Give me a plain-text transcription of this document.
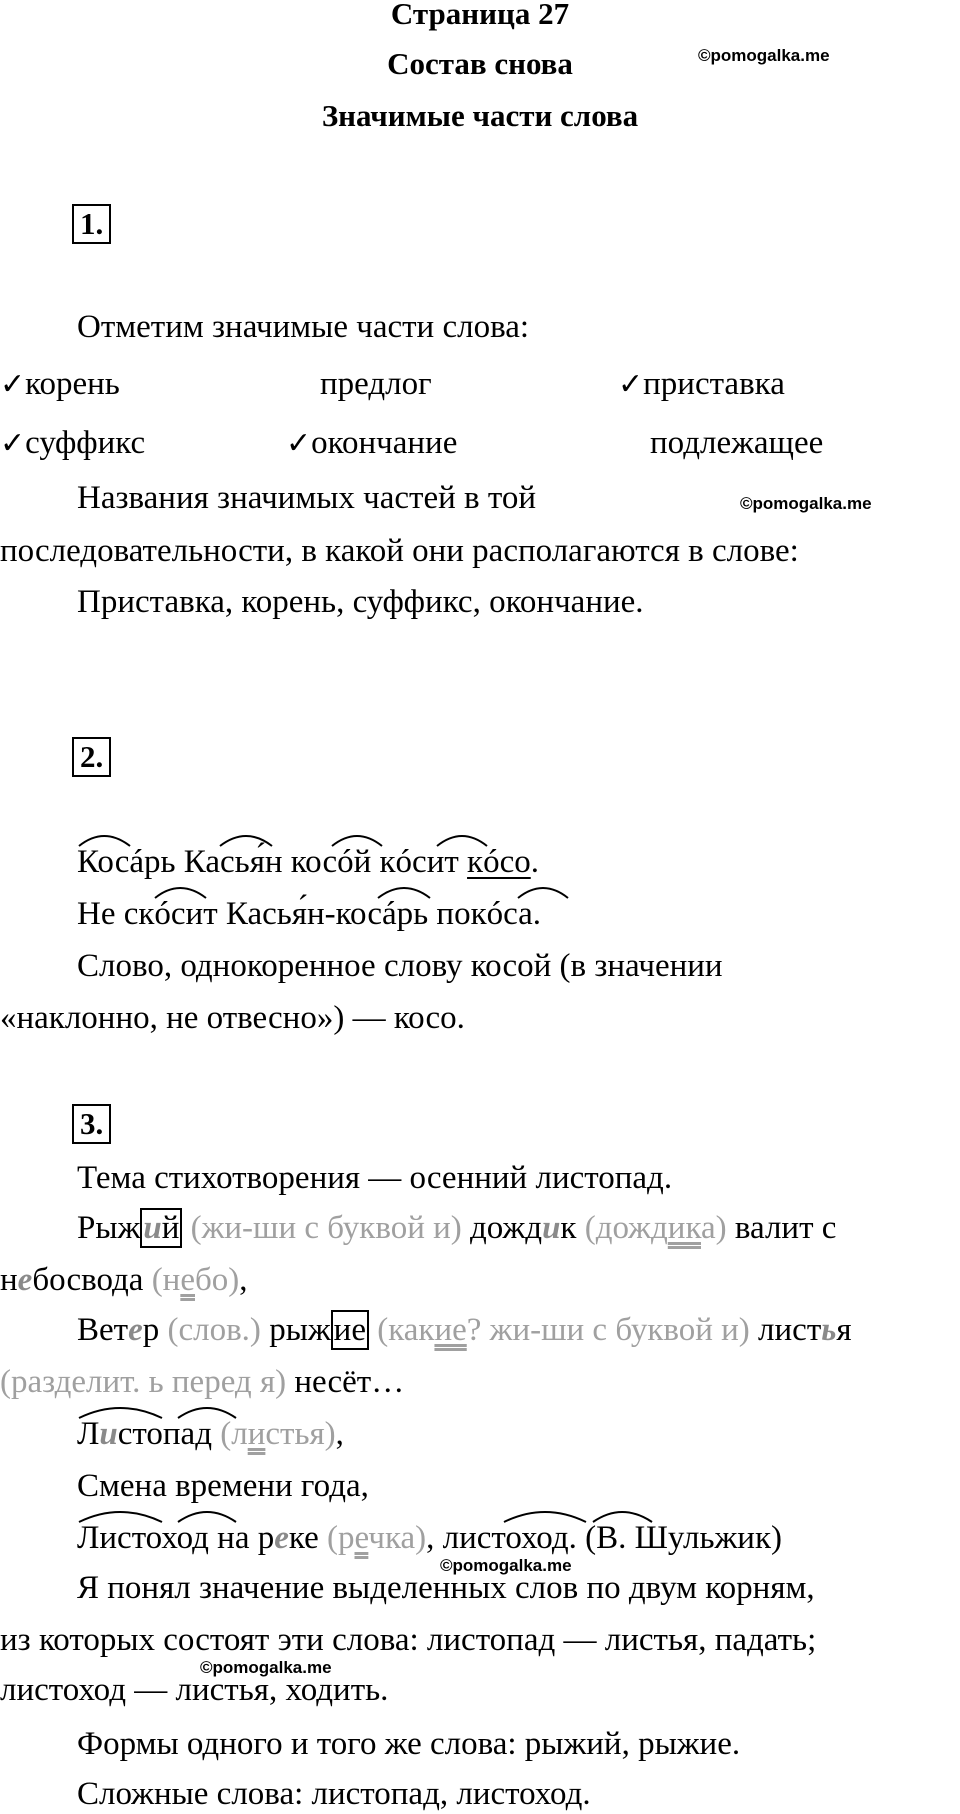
Страница 27
Состав снова
Значимые части слова
©pomogalka.me
1.
Отметим значимые части слова:
✓корень	предлог	✓приставка
✓суффикс	✓окончание	подлежащее
Названия значимых частей в той	©pomogalka.me
последовательности, в какой они располагаются в слове:
Приставка, корень, суффикс, окончание.
2.
Косáрь Касья́н косóй кóсит кóсо.
Не скóсит Касья́н-косáрь покóса.
Слово, однокоренное слову косой (в значении
«наклонно, не отвесно») — косо.
3.
Тема стихотворения — осенний листопад.
Рыжий (жи-ши с буквой и) дождик (дождика) валит с
небосвода (небо),
Ветер (слов.) рыжие (какие? жи-ши с буквой и) листья
(разделит. ь перед я) несёт…
Листопад (листья),
Смена времени года,
Листоход на реке (речка), листоход. (В. Шульжик)
©pomogalka.me
Я понял значение выделенных слов по двум корням,
из которых состоят эти слова: листопад — листья, падать;
©pomogalka.me
листоход — листья, ходить.
Формы одного и того же слова: рыжий, рыжие.
Сложные слова: листопад, листоход.
